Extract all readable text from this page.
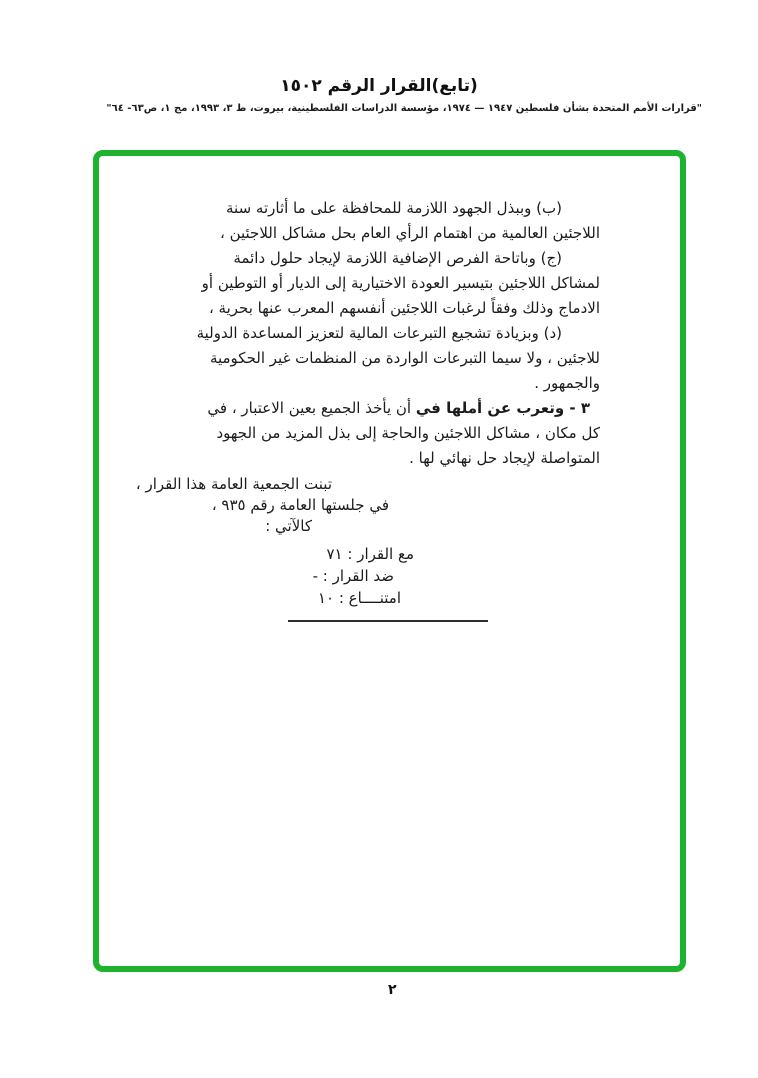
(تابع)القرار الرقم ١٥٠٢
"قرارات الأمم المتحدة بشأن فلسطين ١٩٤٧ — ١٩٧٤، مؤسسة الدراسات الفلسطينية، بيروت، ط ٣، ١٩٩٣، مج ١، ص٦٣- ٦٤"

(ب) وببذل الجهود اللازمة للمحافظة على ما أثارته سنة اللاجئين العالمية من اهتمام الرأي العام بحل مشاكل اللاجئين ،

(ج) وباتاحة الفرص الإضافية اللازمة لإيجاد حلول دائمة لمشاكل اللاجئين بتيسير العودة الاختيارية إلى الديار أو التوطين أو الادماج وذلك وفقاً لرغبات اللاجئين أنفسهم المعرب عنها بحرية ،

(د) وبزيادة تشجيع التبرعات المالية لتعزيز المساعدة الدولية للاجئين ، ولا سيما التبرعات الواردة من المنظمات غير الحكومية والجمهور .

٣ - وتعرب عن أملها في أن يأخذ الجميع بعين الاعتبار ، في كل مكان ، مشاكل اللاجئين والحاجة إلى بذل المزيد من الجهود المتواصلة لإيجاد حل نهائي لها .

تبنت الجمعية العامة هذا القرار ،
في جلستها العامة رقم ٩٣٥ ،
كالآتي :
مع القرار : ٧١
ضد القرار : -
امتنــــاع : ١٠
٢
